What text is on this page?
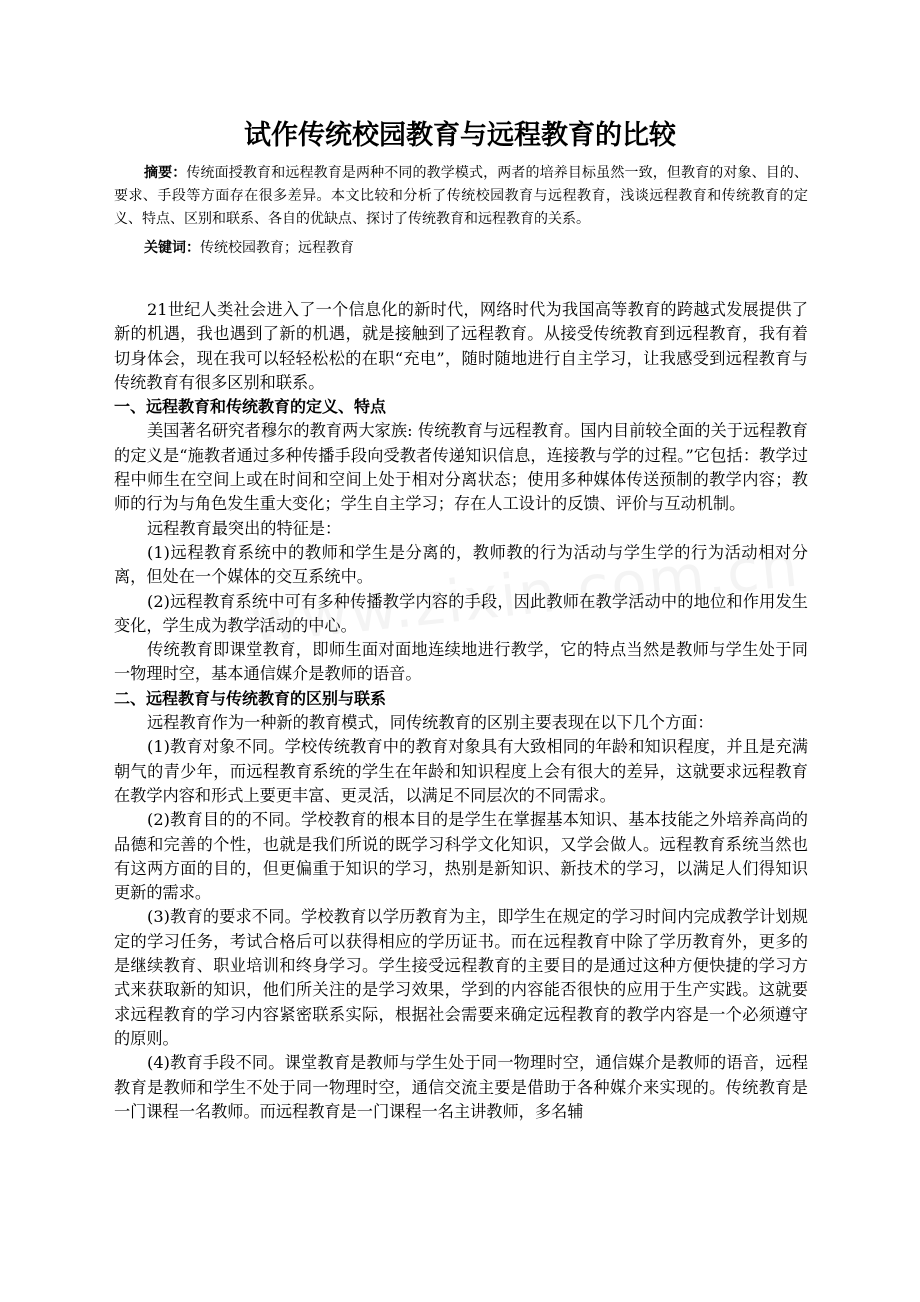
试作传统校园教育与远程教育的比较

摘要：传统面授教育和远程教育是两种不同的教学模式，两者的培养目标虽然一致，但教育的对象、目的、要求、手段等方面存在很多差异。本文比较和分析了传统校园教育与远程教育，浅谈远程教育和传统教育的定义、特点、区别和联系、各自的优缺点、探讨了传统教育和远程教育的关系。

关键词：传统校园教育；远程教育

21世纪人类社会进入了一个信息化的新时代，网络时代为我国高等教育的跨越式发展提供了新的机遇，我也遇到了新的机遇，就是接触到了远程教育。从接受传统教育到远程教育，我有着切身体会，现在我可以轻轻松松的在职“充电”，随时随地进行自主学习，让我感受到远程教育与传统教育有很多区别和联系。

一、远程教育和传统教育的定义、特点

美国著名研究者穆尔的教育两大家族: 传统教育与远程教育。国内目前较全面的关于远程教育的定义是“施教者通过多种传播手段向受教者传递知识信息，连接教与学的过程。”它包括：教学过程中师生在空间上或在时间和空间上处于相对分离状态；使用多种媒体传送预制的教学内容；教师的行为与角色发生重大变化；学生自主学习；存在人工设计的反馈、评价与互动机制。

远程教育最突出的特征是：

(1)远程教育系统中的教师和学生是分离的，教师教的行为活动与学生学的行为活动相对分离，但处在一个媒体的交互系统中。

(2)远程教育系统中可有多种传播教学内容的手段，因此教师在教学活动中的地位和作用发生变化，学生成为教学活动的中心。

传统教育即课堂教育，即师生面对面地连续地进行教学，它的特点当然是教师与学生处于同一物理时空，基本通信媒介是教师的语音。

二、远程教育与传统教育的区别与联系

远程教育作为一种新的教育模式，同传统教育的区别主要表现在以下几个方面：

(1)教育对象不同。学校传统教育中的教育对象具有大致相同的年龄和知识程度，并且是充满朝气的青少年，而远程教育系统的学生在年龄和知识程度上会有很大的差异，这就要求远程教育在教学内容和形式上要更丰富、更灵活，以满足不同层次的不同需求。

(2)教育目的的不同。学校教育的根本目的是学生在掌握基本知识、基本技能之外培养高尚的品德和完善的个性，也就是我们所说的既学习科学文化知识，又学会做人。远程教育系统当然也有这两方面的目的，但更偏重于知识的学习，热别是新知识、新技术的学习，以满足人们得知识更新的需求。

(3)教育的要求不同。学校教育以学历教育为主，即学生在规定的学习时间内完成教学计划规定的学习任务，考试合格后可以获得相应的学历证书。而在远程教育中除了学历教育外，更多的是继续教育、职业培训和终身学习。学生接受远程教育的主要目的是通过这种方便快捷的学习方式来获取新的知识，他们所关注的是学习效果，学到的内容能否很快的应用于生产实践。这就要求远程教育的学习内容紧密联系实际，根据社会需要来确定远程教育的教学内容是一个必须遵守的原则。

(4)教育手段不同。课堂教育是教师与学生处于同一物理时空，通信媒介是教师的语音，远程教育是教师和学生不处于同一物理时空，通信交流主要是借助于各种媒介来实现的。传统教育是一门课程一名教师。而远程教育是一门课程一名主讲教师，多名辅
